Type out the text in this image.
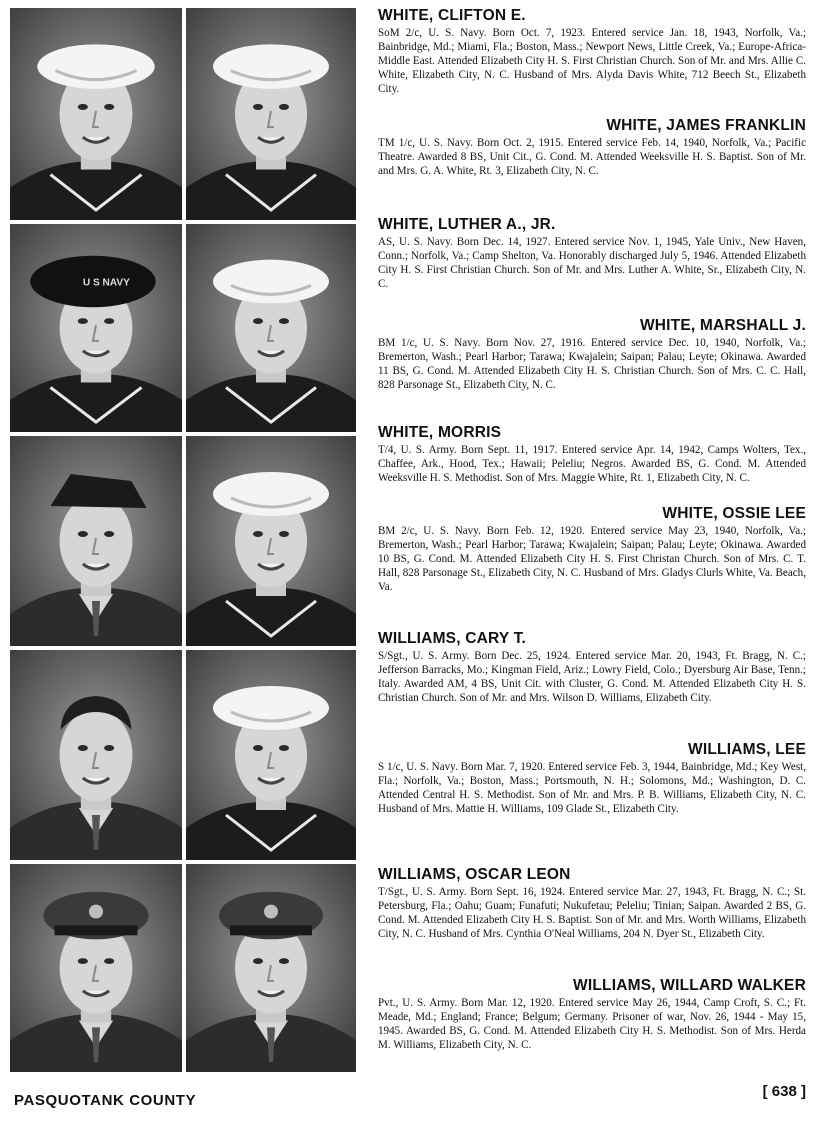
U S NAVY
WHITE, CLIFTON E.
SoM 2/c, U. S. Navy. Born Oct. 7, 1923. Entered service Jan. 18, 1943, Norfolk, Va.; Bainbridge, Md.; Miami, Fla.; Boston, Mass.; Newport News, Little Creek, Va.; Europe-Africa-Middle East. Attended Elizabeth City H. S. First Christian Church. Son of Mr. and Mrs. Allie C. White, Elizabeth City, N. C. Husband of Mrs. Alyda Davis White, 712 Beech St., Elizabeth City.
WHITE, JAMES FRANKLIN
TM 1/c, U. S. Navy. Born Oct. 2, 1915. Entered service Feb. 14, 1940, Norfolk, Va.; Pacific Theatre. Awarded 8 BS, Unit Cit., G. Cond. M. Attended Weeksville H. S. Baptist. Son of Mr. and Mrs. G. A. White, Rt. 3, Elizabeth City, N. C.
WHITE, LUTHER A., JR.
AS, U. S. Navy. Born Dec. 14, 1927. Entered service Nov. 1, 1945, Yale Univ., New Haven, Conn.; Norfolk, Va.; Camp Shelton, Va. Honorably discharged July 5, 1946. Attended Elizabeth City H. S. First Christian Church. Son of Mr. and Mrs. Luther A. White, Sr., Elizabeth City, N. C.
WHITE, MARSHALL J.
BM 1/c, U. S. Navy. Born Nov. 27, 1916. Entered service Dec. 10, 1940, Norfolk, Va.; Bremerton, Wash.; Pearl Harbor; Tarawa; Kwajalein; Saipan; Palau; Leyte; Okinawa. Awarded 11 BS, G. Cond. M. Attended Elizabeth City H. S. Christian Church. Son of Mrs. C. C. Hall, 828 Parsonage St., Elizabeth City, N. C.
WHITE, MORRIS
T/4, U. S. Army. Born Sept. 11, 1917. Entered service Apr. 14, 1942, Camps Wolters, Tex., Chaffee, Ark., Hood, Tex.; Hawaii; Peleliu; Negros. Awarded BS, G. Cond. M. Attended Weeksville H. S. Methodist. Son of Mrs. Maggie White, Rt. 1, Elizabeth City, N. C.
WHITE, OSSIE LEE
BM 2/c, U. S. Navy. Born Feb. 12, 1920. Entered service May 23, 1940, Norfolk, Va.; Bremerton, Wash.; Pearl Harbor; Tarawa; Kwajalein; Saipan; Palau; Leyte; Okinawa. Awarded 10 BS, G. Cond. M. Attended Elizabeth City H. S. First Christan Church. Son of Mrs. C. T. Hall, 828 Parsonage St., Elizabeth City, N. C. Husband of Mrs. Gladys Clurls White, Va. Beach, Va.
WILLIAMS, CARY T.
S/Sgt., U. S. Army. Born Dec. 25, 1924. Entered service Mar. 20, 1943, Ft. Bragg, N. C.; Jefferson Barracks, Mo.; Kingman Field, Ariz.; Lowry Field, Colo.; Dyersburg Air Base, Tenn.; Italy. Awarded AM, 4 BS, Unit Cit. with Cluster, G. Cond. M. Attended Elizabeth City H. S. Christian Church. Son of Mr. and Mrs. Wilson D. Williams, Elizabeth City.
WILLIAMS, LEE
S 1/c, U. S. Navy. Born Mar. 7, 1920. Entered service Feb. 3, 1944, Bainbridge, Md.; Key West, Fla.; Norfolk, Va.; Boston, Mass.; Portsmouth, N. H.; Solomons, Md.; Washington, D. C. Attended Central H. S. Methodist. Son of Mr. and Mrs. P. B. Williams, Elizabeth City, N. C. Husband of Mrs. Mattie H. Williams, 109 Glade St., Elizabeth City.
WILLIAMS, OSCAR LEON
T/Sgt., U. S. Army. Born Sept. 16, 1924. Entered service Mar. 27, 1943, Ft. Bragg, N. C.; St. Petersburg, Fla.; Oahu; Guam; Funafuti; Nukufetau; Peleliu; Tinian; Saipan. Awarded 2 BS, G. Cond. M. Attended Elizabeth City H. S. Baptist. Son of Mr. and Mrs. Worth Williams, Elizabeth City, N. C. Husband of Mrs. Cynthia O'Neal Williams, 204 N. Dyer St., Elizabeth City.
WILLIAMS, WILLARD WALKER
Pvt., U. S. Army. Born Mar. 12, 1920. Entered service May 26, 1944, Camp Croft, S. C.; Ft. Meade, Md.; England; France; Belgum; Germany. Prisoner of war, Nov. 26, 1944 - May 15, 1945. Awarded BS, G. Cond. M. Attended Elizabeth City H. S. Methodist. Son of Mrs. Herda M. Williams, Elizabeth City, N. C.
PASQUOTANK COUNTY
[ 638 ]
